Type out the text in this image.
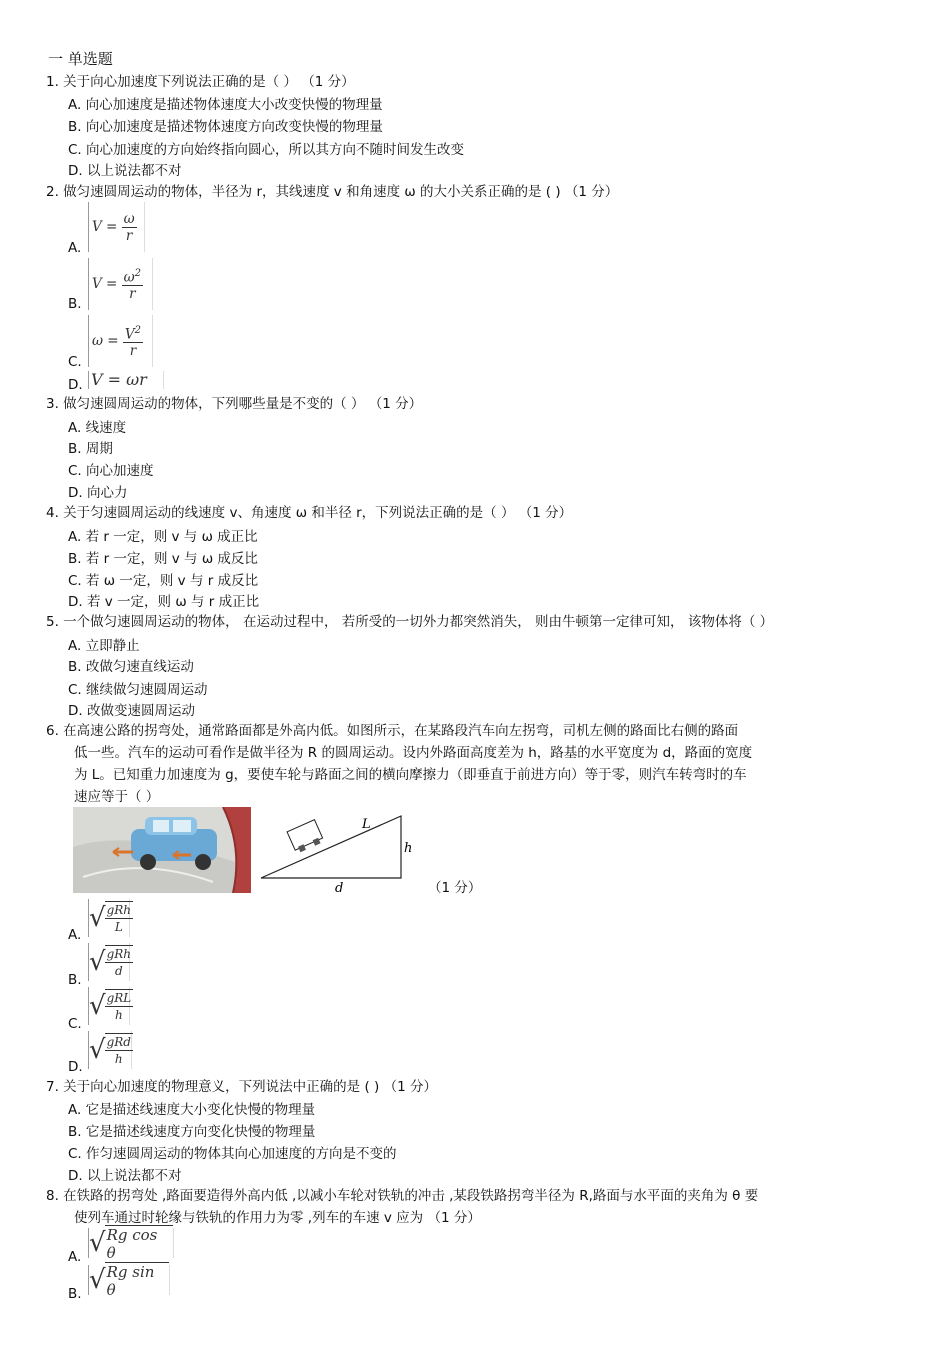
一 单选题
1. 关于向心加速度下列说法正确的是（ ） （1 分）
A. 向心加速度是描述物体速度大小改变快慢的物理量
B. 向心加速度是描述物体速度方向改变快慢的物理量
C. 向心加速度的方向始终指向圆心，所以其方向不随时间发生改变
D. 以上说法都不对
2. 做匀速圆周运动的物体，半径为 r，其线速度 v 和角速度 ω 的大小关系正确的是 ( ) （1 分）
A.
V =
$\frac{\omega}{r}$
B.
V =
$\frac{\omega^2}{r}$
C.
ω =
$\frac{V^2}{r}$
D. V = ωr
3. 做匀速圆周运动的物体，下列哪些量是不变的（ ） （1 分）
A. 线速度
B. 周期
C. 向心加速度
D. 向心力
4. 关于匀速圆周运动的线速度 v、角速度 ω 和半径 r，下列说法正确的是（ ） （1 分）
A. 若 r 一定，则 v 与 ω 成正比
B. 若 r 一定，则 v 与 ω 成反比
C. 若 ω 一定，则 v 与 r 成反比
D. 若 v 一定，则 ω 与 r 成正比
5. 一个做匀速圆周运动的物体， 在运动过程中， 若所受的一切外力都突然消失， 则由牛顿第一定律可知， 该物体将（ ）
A. 立即静止
B. 改做匀速直线运动
C. 继续做匀速圆周运动
D. 改做变速圆周运动
6. 在高速公路的拐弯处，通常路面都是外高内低。如图所示，在某路段汽车向左拐弯，司机左侧的路面比右侧的路面
低一些。汽车的运动可看作是做半径为 R 的圆周运动。设内外路面高度差为 h，路基的水平宽度为 d，路面的宽度
为 L。已知重力加速度为 g，要使车轮与路面之间的横向摩擦力（即垂直于前进方向）等于零，则汽车转弯时的车
速应等于（ ）
L
h
d	（1 分）
A.
√ $\frac{\text{gRh}}{L}$
B.
√ $\frac{\text{gRh}}{d}$
C.
√ $\frac{\text{gRL}}{h}$
D.
√ $\frac{\text{gRd}}{h}$
7. 关于向心加速度的物理意义，下列说法中正确的是 ( ) （1 分）
A. 它是描述线速度大小变化快慢的物理量
B. 它是描述线速度方向变化快慢的物理量
C. 作匀速圆周运动的物体其向心加速度的方向是不变的
D. 以上说法都不对
8. 在铁路的拐弯处 ,路面要造得外高内低 ,以减小车轮对铁轨的冲击 ,某段铁路拐弯半径为 R,路面与水平面的夹角为 θ 要
使列车通过时轮缘与铁轨的作用力为零 ,列车的车速 v 应为 （1 分）
A. √ Rg cos θ
B. √ Rg sin θ
